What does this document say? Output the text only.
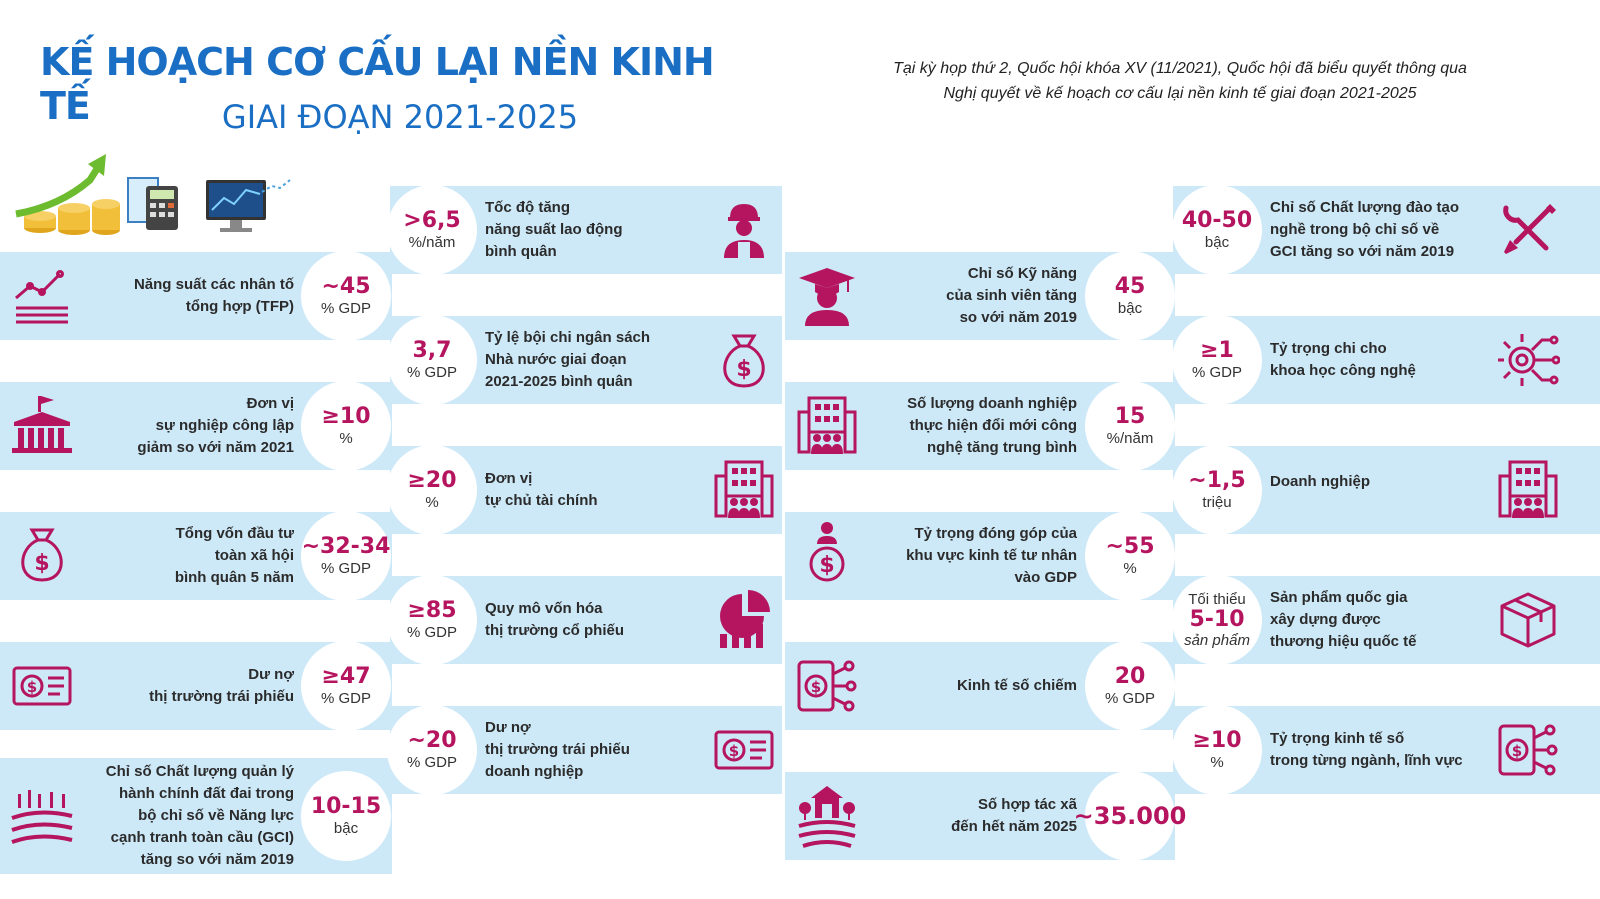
KẾ HOẠCH CƠ CẤU LẠI NỀN KINH TẾ	GIAI ĐOẠN 2021-2025
Tại kỳ họp thứ 2, Quốc hội khóa XV (11/2021), Quốc hội đã biểu quyết thông qua
Nghị quyết về kế hoạch cơ cấu lại nền kinh tế giai đoạn 2021-2025
Năng suất các nhân tố
tổng hợp (TFP)
~45
% GDP
Đơn vị
sự nghiệp công lập
giảm so với năm 2021
≥10
%
$
Tổng vốn đầu tư
toàn xã hội
bình quân 5 năm
~32-34
% GDP
$
Dư nợ
thị trường trái phiếu
≥47
% GDP
Chỉ số Chất lượng quản lý
hành chính đất đai trong
bộ chỉ số về Năng lực
cạnh tranh toàn cầu (GCI)
tăng so với năm 2019
10-15
bậc
>6,5
%/năm
Tốc độ tăng
năng suất lao động
bình quân
3,7
% GDP
Tỷ lệ bội chi ngân sách
Nhà nước giai đoạn
2021-2025 bình quân	$
≥20
%
Đơn vị
tự chủ tài chính
≥85
% GDP
Quy mô vốn hóa
thị trường cổ phiếu
~20
% GDP
Dư nợ
thị trường trái phiếu
doanh nghiệp
$
Chỉ số Kỹ năng
của sinh viên tăng
so với năm 2019
45
bậc
Số lượng doanh nghiệp
thực hiện đổi mới công
nghệ tăng trung bình
15
%/năm
$
Tỷ trọng đóng góp của
khu vực kinh tế tư nhân
vào GDP
~55
%
$	Kinh tế số chiếm 20
% GDP
Số hợp tác xã
đến hết năm 2025
~35.000
40-50
bậc
Chỉ số Chất lượng đào tạo
nghề trong bộ chỉ số về
GCI tăng so với năm 2019
≥1
% GDP
Tỷ trọng chi cho
khoa học công nghệ
~1,5
triệu
Doanh nghiệp
Tối thiểu
5-10
sản phẩm
Sản phẩm quốc gia
xây dựng được
thương hiệu quốc tế
≥10
%
Tỷ trọng kinh tế số
trong từng ngành, lĩnh vực
$
